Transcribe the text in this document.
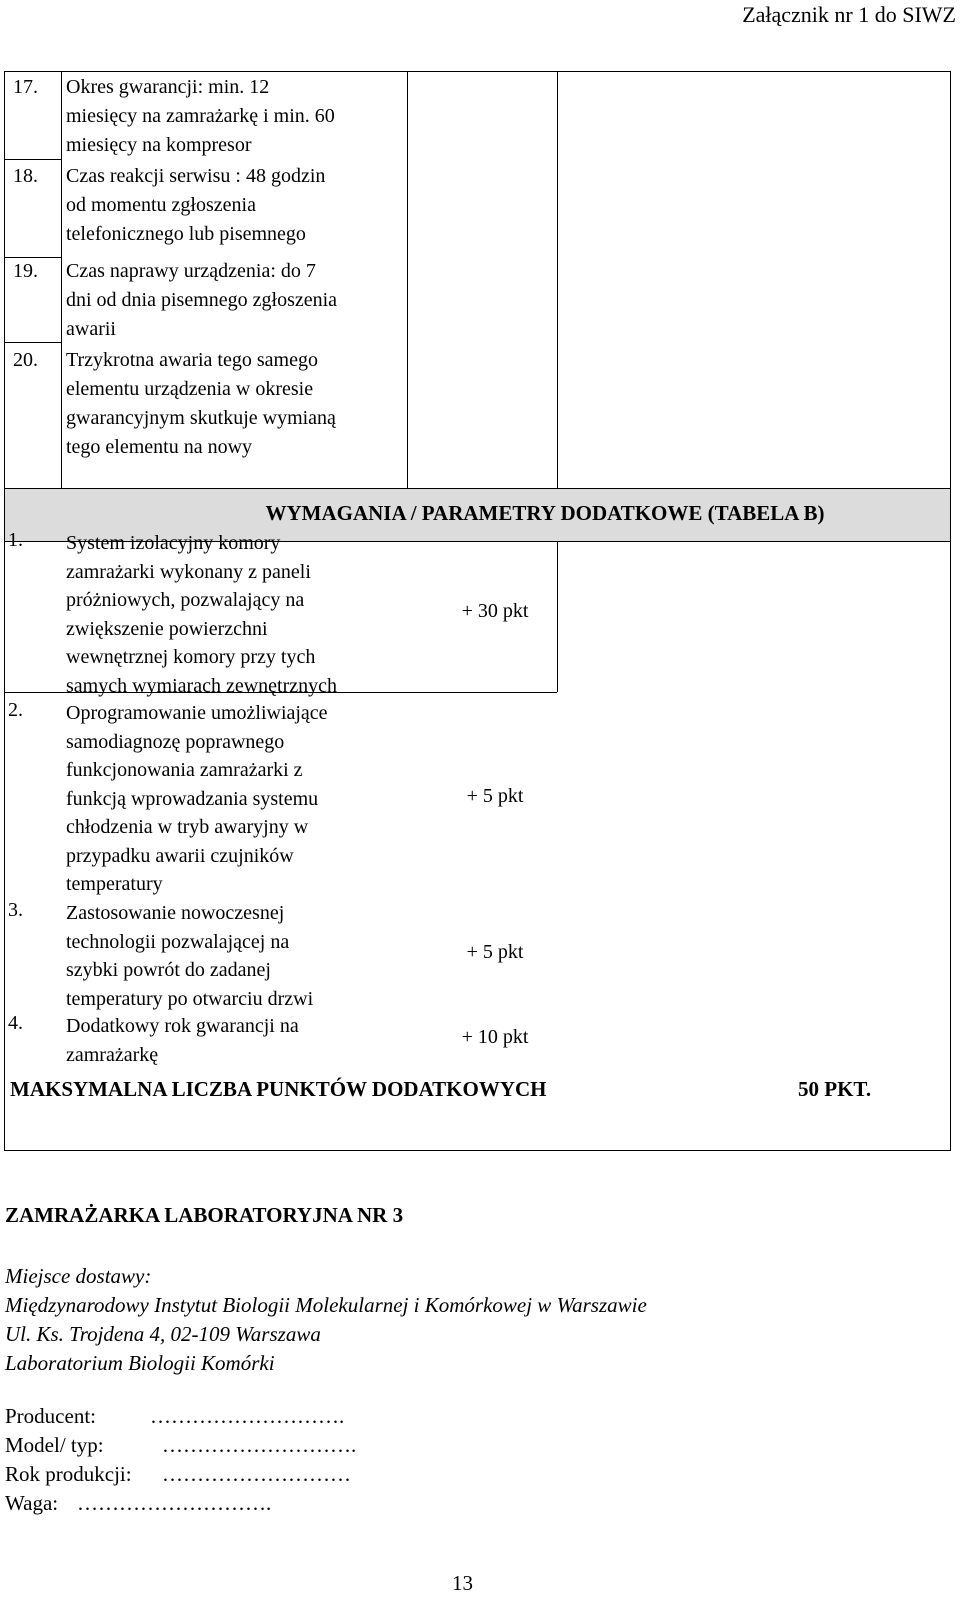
Załącznik nr 1 do SIWZ
17. Okres gwarancji: min. 12
miesięcy na zamrażarkę i min. 60
miesięcy na kompresor
18. Czas reakcji serwisu : 48 godzin
od momentu zgłoszenia
telefonicznego lub pisemnego
19. Czas naprawy urządzenia: do 7
dni od dnia pisemnego zgłoszenia
awarii
20. Trzykrotna awaria tego samego
elementu urządzenia w okresie
gwarancyjnym skutkuje wymianą
tego elementu na nowy
WYMAGANIA / PARAMETRY DODATKOWE (TABELA B)
1. System izolacyjny komory
zamrażarki wykonany z paneli
próżniowych, pozwalający na
zwiększenie powierzchni
wewnętrznej komory przy tych
samych wymiarach zewnętrznych
+ 30 pkt
2. Oprogramowanie umożliwiające
samodiagnozę poprawnego
funkcjonowania zamrażarki z
funkcją wprowadzania systemu
chłodzenia w tryb awaryjny w
przypadku awarii czujników
temperatury
+ 5 pkt
3. Zastosowanie nowoczesnej
technologii pozwalającej na
szybki powrót do zadanej
temperatury po otwarciu drzwi
+ 5 pkt
4. Dodatkowy rok gwarancji na
zamrażarkę
+ 10 pkt
MAKSYMALNA LICZBA PUNKTÓW DODATKOWYCH	50 PKT.
ZAMRAŻARKA LABORATORYJNA NR 3
Miejsce dostawy:
Międzynarodowy Instytut Biologii Molekularnej i Komórkowej w Warszawie
Ul. Ks. Trojdena 4, 02-109 Warszawa
Laboratorium Biologii Komórki
Producent:	……………………….
Model/ typ:	……………………….
Rok produkcji: ………………………
Waga: ……………………….
13
